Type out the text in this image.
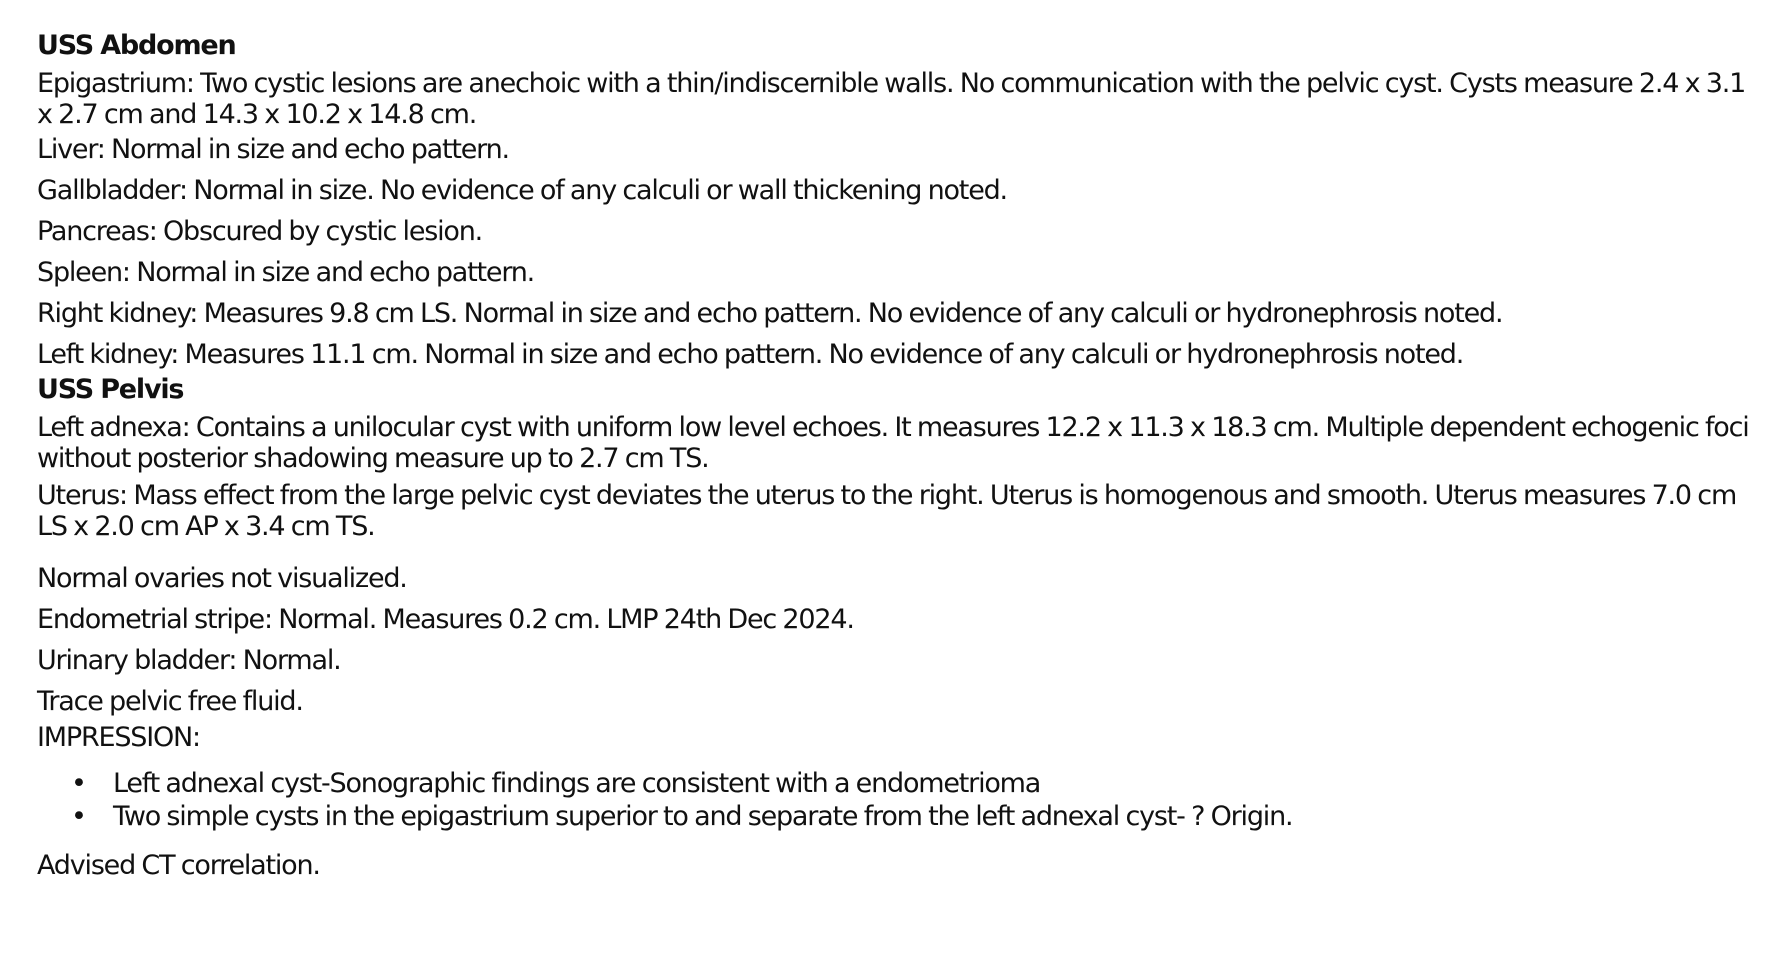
USS Abdomen
Epigastrium: Two cystic lesions are anechoic with a thin/indiscernible walls. No communication with the pelvic cyst. Cysts measure 2.4 x 3.1 x 2.7 cm and 14.3 x 10.2 x 14.8 cm.
Liver: Normal in size and echo pattern.
Gallbladder: Normal in size. No evidence of any calculi or wall thickening noted.
Pancreas: Obscured by cystic lesion.
Spleen: Normal in size and echo pattern.
Right kidney: Measures 9.8 cm LS. Normal in size and echo pattern. No evidence of any calculi or hydronephrosis noted.
Left kidney: Measures 11.1 cm. Normal in size and echo pattern. No evidence of any calculi or hydronephrosis noted.
USS Pelvis
Left adnexa: Contains a unilocular cyst with uniform low level echoes. It measures 12.2 x 11.3 x 18.3 cm. Multiple dependent echogenic foci without posterior shadowing measure up to 2.7 cm TS.
Uterus: Mass effect from the large pelvic cyst deviates the uterus to the right. Uterus is homogenous and smooth. Uterus measures 7.0 cm LS x 2.0 cm AP x 3.4 cm TS.
Normal ovaries not visualized.
Endometrial stripe: Normal. Measures 0.2 cm. LMP 24th Dec 2024.
Urinary bladder: Normal.
Trace pelvic free fluid.
IMPRESSION:
• Left adnexal cyst-Sonographic findings are consistent with a endometrioma
• Two simple cysts in the epigastrium superior to and separate from the left adnexal cyst- ? Origin.
Advised CT correlation.
